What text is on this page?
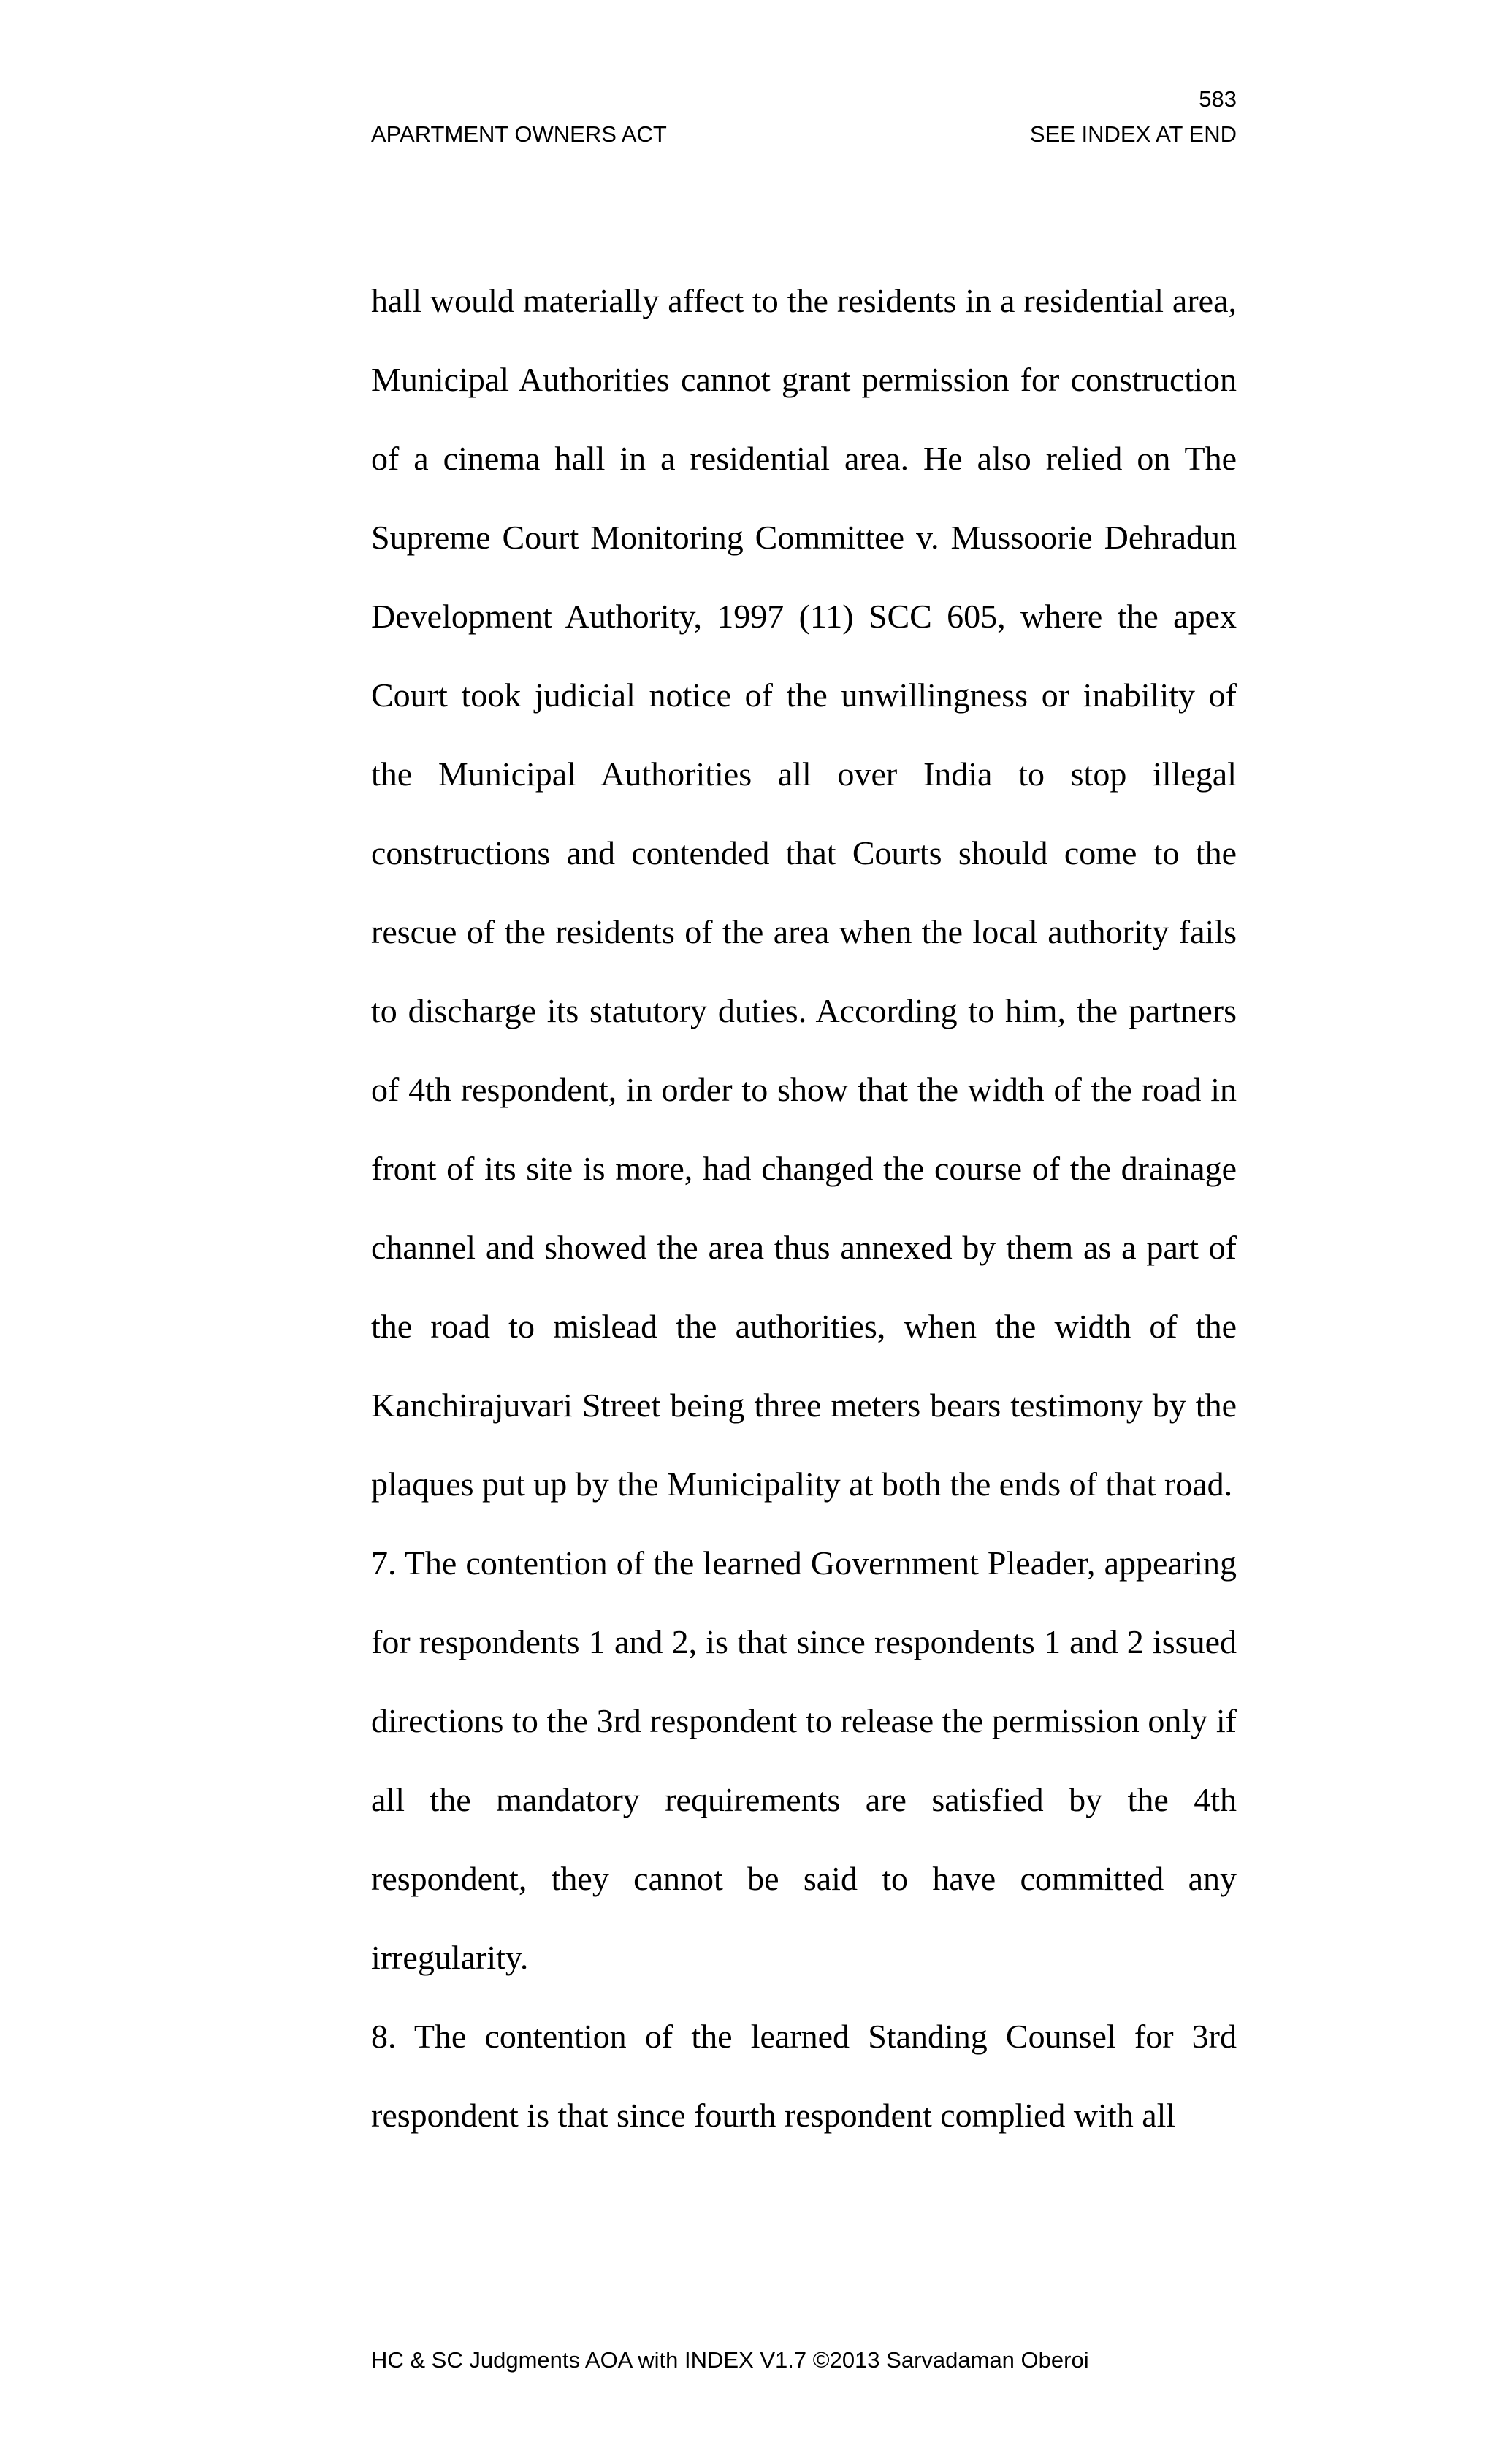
583
APARTMENT OWNERS ACT	SEE INDEX AT END

hall would materially affect to the residents in a residential area, Municipal Authorities cannot grant permission for construction of a cinema hall in a residential area. He also relied on The Supreme Court Monitoring Committee v. Mussoorie Dehradun Development Authority, 1997 (11) SCC 605, where the apex Court took judicial notice of the unwillingness or inability of the Municipal Authorities all over India to stop illegal constructions and contended that Courts should come to the rescue of the residents of the area when the local authority fails to discharge its statutory duties. According to him, the partners of 4th respondent, in order to show that the width of the road in front of its site is more, had changed the course of the drainage channel and showed the area thus annexed by them as a part of the road to mislead the authorities, when the width of the Kanchirajuvari Street being three meters bears testimony by the plaques put up by the Municipality at both the ends of that road.

7. The contention of the learned Government Pleader, appearing for respondents 1 and 2, is that since respondents 1 and 2 issued directions to the 3rd respondent to release the permission only if all the mandatory requirements are satisfied by the 4th respondent, they cannot be said to have committed any irregularity.

8. The contention of the learned Standing Counsel for 3rd respondent is that since fourth respondent complied with all

HC & SC Judgments AOA with INDEX V1.7 ©2013 Sarvadaman Oberoi
